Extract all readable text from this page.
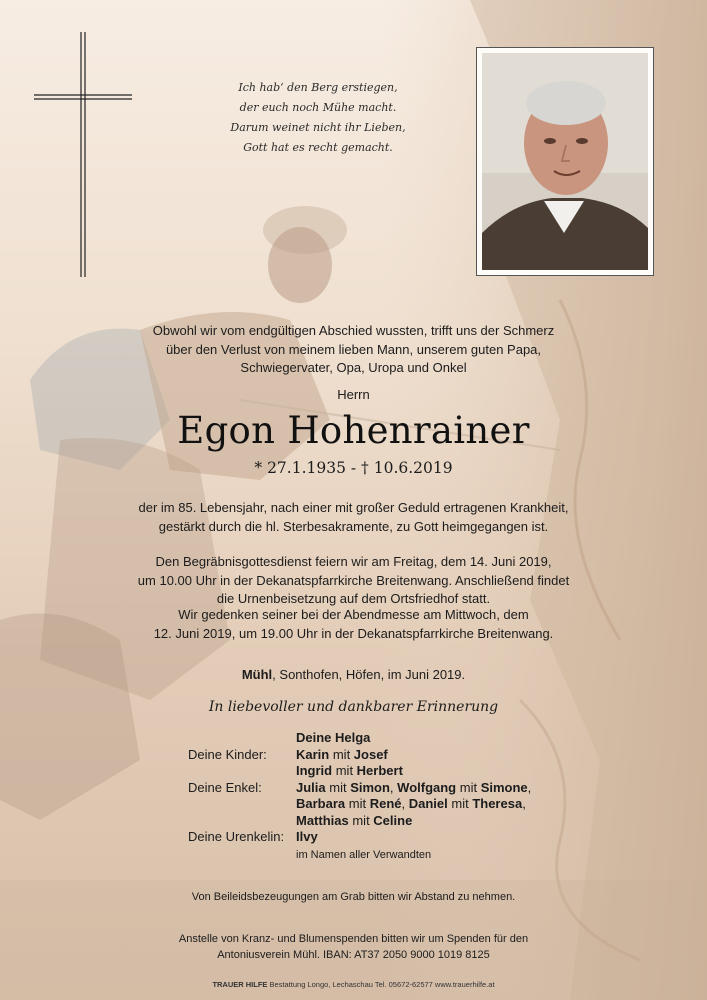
Ich hab‘ den Berg erstiegen,
der euch noch Mühe macht.
Darum weinet nicht ihr Lieben,
Gott hat es recht gemacht.
Obwohl wir vom endgültigen Abschied wussten, trifft uns der Schmerz
über den Verlust von meinem lieben Mann, unserem guten Papa,
Schwiegervater, Opa, Uropa und Onkel
Herrn
Egon Hohenrainer
* 27.1.1935 - † 10.6.2019
der im 85. Lebensjahr, nach einer mit großer Geduld ertragenen Krankheit,
gestärkt durch die hl. Sterbesakramente, zu Gott heimgegangen ist.
Den Begräbnisgottesdienst feiern wir am Freitag, dem 14. Juni 2019,
um 10.00 Uhr in der Dekanatspfarrkirche Breitenwang. Anschließend findet
die Urnenbeisetzung auf dem Ortsfriedhof statt.
Wir gedenken seiner bei der Abendmesse am Mittwoch, dem
12. Juni 2019, um 19.00 Uhr in der Dekanatspfarrkirche Breitenwang.
Mühl, Sonthofen, Höfen, im Juni 2019.
In liebevoller und dankbarer Erinnerung
Deine Helga
Deine Kinder: Karin mit Josef
Ingrid mit Herbert
Deine Enkel:	Julia mit Simon, Wolfgang mit Simone,
Barbara mit René, Daniel mit Theresa,
Matthias mit Celine
Deine Urenkelin: Ilvy
im Namen aller Verwandten
Von Beileidsbezeugungen am Grab bitten wir Abstand zu nehmen.
Anstelle von Kranz- und Blumenspenden bitten wir um Spenden für den
Antoniusverein Mühl. IBAN: AT37 2050 9000 1019 8125
TRAUER HILFE Bestattung Longo, Lechaschau Tel. 05672-62577 www.trauerhilfe.at
